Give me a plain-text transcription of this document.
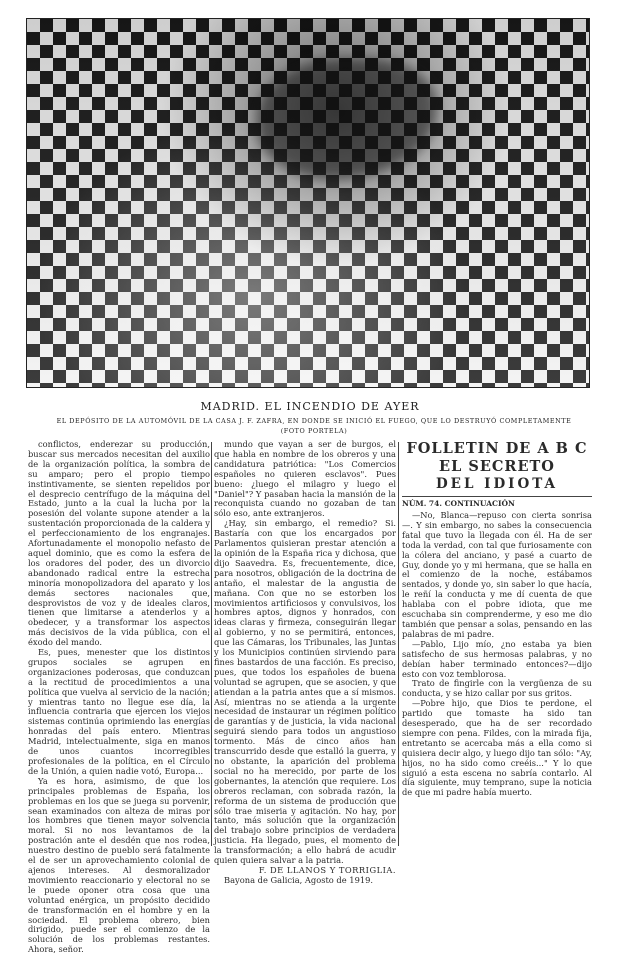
MADRID. EL INCENDIO DE AYER
EL DEPÓSITO DE LA AUTOMÓVIL DE LA CASA J. F. ZAFRA, EN DONDE SE INICIÓ EL FUEGO, QUE LO DESTRUYÓ COMPLETAMENTE
(FOTO PORTELA)

conflictos, enderezar su producción, buscar sus mercados necesitan del auxilio de la organización política, la sombra de su amparo; pero el propio tiempo instintivamente, se sienten repelidos por el desprecio centrífugo de la máquina del Estado, junto a la cual la lucha por la posesión del volante supone atender a la sustentación proporcionada de la caldera y el perfeccionamiento de los engranajes. Afortunadamente el monopolio nefasto de aquel dominio, que es como la esfera de los oradores del poder, des un divorcio abandonado radical entre la estrecha minoría monopolizadora del aparato y los demás sectores nacionales que, desprovistos de voz y de ideales claros, tienen que limitarse a atenderlos y a obedecer, y a transformar los aspectos más decisivos de la vida pública, con el éxodo del mando.

Es, pues, menester que los distintos grupos sociales se agrupen en organizaciones poderosas, que conduzcan a la rectitud de procedimientos a una política que vuelva al servicio de la nación; y mientras tanto no llegue ese día, la influencia contraria que ejercen los viejos sistemas continúa oprimiendo las energías honradas del país entero. Mientras Madrid, intelectualmente, siga en manos de unos cuantos incorregibles profesionales de la política, en el Círculo de la Unión, a quien nadie votó, Europa...

Ya es hora, asimismo, de que los principales problemas de España, los problemas en los que se juega su porvenir, sean examinados con alteza de miras por los hombres que tienen mayor solvencia moral. Si no nos levantamos de la postración ante el desdén que nos rodea, nuestro destino de pueblo será fatalmente el de ser un aprovechamiento colonial de ajenos intereses. Al desmoralizador movimiento reaccionario y electoral no se le puede oponer otra cosa que una voluntad enérgica, un propósito decidido de transformación en el hombre y en la sociedad. El problema obrero, bien dirigido, puede ser el comienzo de la solución de los problemas restantes. Ahora, señor.

mundo que vayan a ser de burgos, el que habla en nombre de los obreros y una candidatura patriótica: "Los Comercios españoles no quieren esclavos". Pues bueno: ¿luego el milagro y luego el "Daniel"? Y pasaban hacia la mansión de la reconquista cuando no gozaban de tan sólo eso, ante extranjeros.

¿Hay, sin embargo, el remedio? Si. Bastaría con que los encargados por Parlamentos quisieran prestar atención a la opinión de la España rica y dichosa, que dijo Saavedra. Es, frecuentemente, dice, para nosotros, obligación de la doctrina de antaño, el malestar de la angustia de mañana. Con que no se estorben los movimientos artificiosos y convulsivos, los hombres aptos, dignos y honrados, con ideas claras y firmeza, conseguirán llegar al gobierno, y no se permitirá, entonces, que las Cámaras, los Tribunales, las Juntas y los Municipios continúen sirviendo para fines bastardos de una facción. Es preciso, pues, que todos los españoles de buena voluntad se agrupen, que se asocien, y que atiendan a la patria antes que a sí mismos. Así, mientras no se atienda a la urgente necesidad de instaurar un régimen político de garantías y de justicia, la vida nacional seguirá siendo para todos un angustioso tormento. Más de cinco años han transcurrido desde que estalló la guerra, y no obstante, la aparición del problema social no ha merecido, por parte de los gobernantes, la atención que requiere. Los obreros reclaman, con sobrada razón, la reforma de un sistema de producción que sólo trae miseria y agitación. No hay, por tanto, más solución que la organización del trabajo sobre principios de verdadera justicia. Ha llegado, pues, el momento de la transformación; a ello habrá de acudir quien quiera salvar a la patria.

F. DE LLANOS Y TORRIGLIA.

Bayona de Galicia, Agosto de 1919.

FOLLETIN DE A B C
EL SECRETO
DEL IDIOTA
NÚM. 74. CONTINUACIÓN

—No, Blanca—repuso con cierta sonrisa—. Y sin embargo, no sabes la consecuencia fatal que tuvo la llegada con él. Ha de ser toda la verdad, con tal que furiosamente con la cólera del anciano, y pasé a cuarto de Guy, donde yo y mi hermana, que se halla en el comienzo de la noche, estábamos sentados, y donde yo, sin saber lo que hacía, le reñí la conducta y me dí cuenta de que hablaba con el pobre idiota, que me escuchaba sin comprenderme, y eso me dio también que pensar a solas, pensando en las palabras de mi padre.

—Pablo, Lijo mío, ¿no estaba ya bien satisfecho de sus hermosas palabras, y no debían haber terminado entonces?—dijo esto con voz temblorosa.

Trato de fingirle con la vergüenza de su conducta, y se hizo callar por sus gritos.

—Pobre hijo, que Dios te perdone, el partido que tomaste ha sido tan desesperado, que ha de ser recordado siempre con pena. Fildes, con la mirada fija, entretanto se acercaba más a ella como si quisiera decir algo, y luego dijo tan sólo: "Ay, hijos, no ha sido como creéis..." Y lo que siguió a esta escena no sabría contarlo. Al día siguiente, muy temprano, supe la noticia de que mi padre había muerto.
